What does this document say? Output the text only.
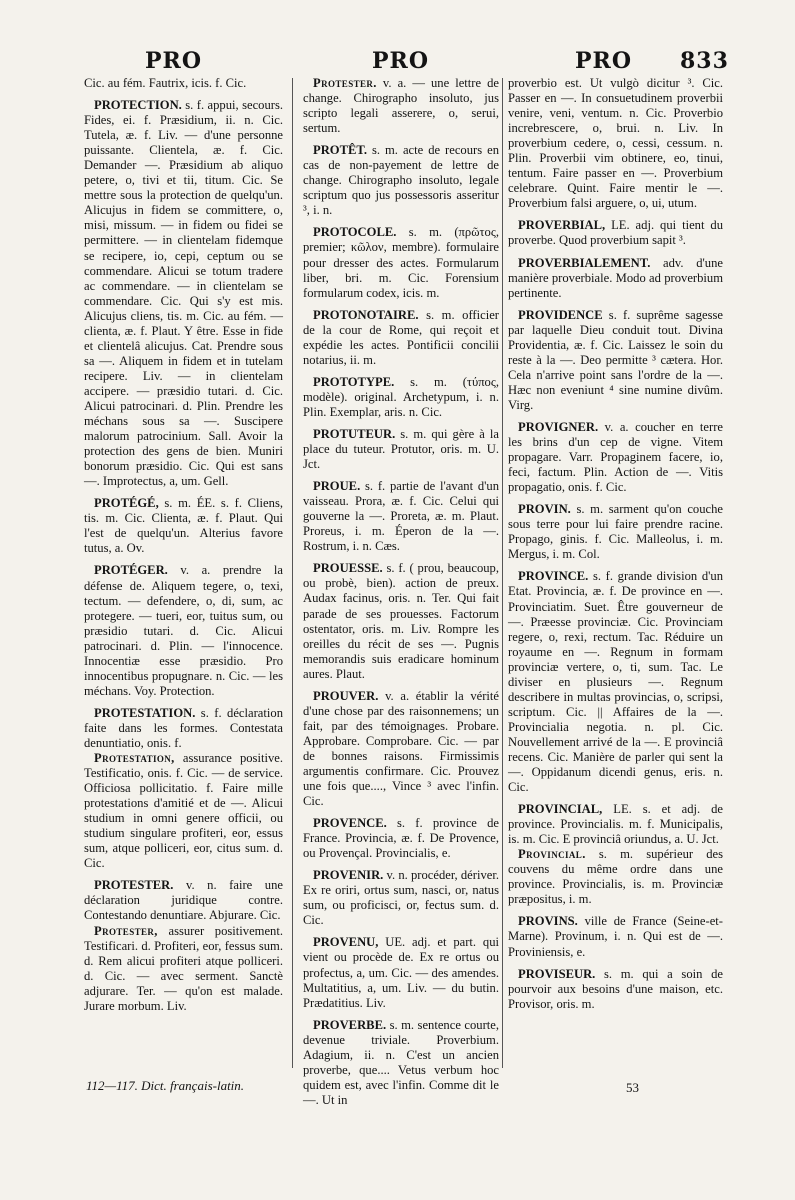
PRO	PRO	PRO 833

Cic. au fém. Fautrix, icis. f. Cic.

PROTECTION. s. f. appui, secours. Fides, ei. f. Præsidium, ii. n. Cic. Tutela, æ. f. Liv. — d'une personne puissante. Clientela, æ. f. Cic. Demander —. Præsidium ab aliquo petere, o, tivi et tii, titum. Cic. Se mettre sous la protection de quelqu'un. Alicujus in fidem se committere, o, misi, missum. — in fidem ou fidei se permittere. — in clientelam fidemque se recipere, io, cepi, ceptum ou se commendare. Alicui se totum tradere ac commendare. — in clientelam se commendare. Cic. Qui s'y est mis. Alicujus cliens, tis. m. Cic. au fém. — clienta, æ. f. Plaut. Y être. Esse in fide et clientelâ alicujus. Cat. Prendre sous sa —. Aliquem in fidem et in tutelam recipere. Liv. — in clientelam accipere. — præsidio tutari. d. Cic. Alicui patrocinari. d. Plin. Prendre les méchans sous sa —. Suscipere malorum patrocinium. Sall. Avoir la protection des gens de bien. Muniri bonorum præsidio. Cic. Qui est sans —. Improtectus, a, um. Gell.

PROTÉGÉ, s. m. ÉE. s. f. Cliens, tis. m. Cic. Clienta, æ. f. Plaut. Qui l'est de quelqu'un. Alterius favore tutus, a. Ov.

PROTÉGER. v. a. prendre la défense de. Aliquem tegere, o, texi, tectum. — defendere, o, di, sum, ac protegere. — tueri, eor, tuitus sum, ou præsidio tutari. d. Cic. Alicui patrocinari. d. Plin. — l'innocence. Innocentiæ esse præsidio. Pro innocentibus propugnare. n. Cic. — les méchans. Voy. Protection.

PROTESTATION. s. f. déclaration faite dans les formes. Contestata denuntiatio, onis. f.

Protestation, assurance positive. Testificatio, onis. f. Cic. — de service. Officiosa pollicitatio. f. Faire mille protestations d'amitié et de —. Alicui studium in omni genere officii, ou studium singulare profiteri, eor, essus sum, atque polliceri, eor, citus sum. d. Cic.

PROTESTER. v. n. faire une déclaration juridique contre. Contestando denuntiare. Abjurare. Cic.

Protester, assurer positivement. Testificari. d. Profiteri, eor, fessus sum. d. Rem alicui profiteri atque polliceri. d. Cic. — avec serment. Sanctè adjurare. Ter. — qu'on est malade. Jurare morbum. Liv.

Protester. v. a. — une lettre de change. Chirographo insoluto, jus scripto legali asserere, o, serui, sertum.

PROTÊT. s. m. acte de recours en cas de non-payement de lettre de change. Chirographo insoluto, legale scriptum quo jus possessoris asseritur ³, i. n.

PROTOCOLE. s. m. (πρῶτος, premier; κῶλον, membre). formulaire pour dresser des actes. Formularum liber, bri. m. Cic. Forensium formularum codex, icis. m.

PROTONOTAIRE. s. m. officier de la cour de Rome, qui reçoit et expédie les actes. Pontificii concilii notarius, ii. m.

PROTOTYPE. s. m. (τύπος, modèle). original. Archetypum, i. n. Plin. Exemplar, aris. n. Cic.

PROTUTEUR. s. m. qui gère à la place du tuteur. Protutor, oris. m. U. Jct.

PROUE. s. f. partie de l'avant d'un vaisseau. Prora, æ. f. Cic. Celui qui gouverne la —. Proreta, æ. m. Plaut. Proreus, i. m. Éperon de la —. Rostrum, i. n. Cæs.

PROUESSE. s. f. ( prou, beaucoup, ou probè, bien). action de preux. Audax facinus, oris. n. Ter. Qui fait parade de ses prouesses. Factorum ostentator, oris. m. Liv. Rompre les oreilles du récit de ses —. Pugnis memorandis suis eradicare hominum aures. Plaut.

PROUVER. v. a. établir la vérité d'une chose par des raisonnemens; un fait, par des témoignages. Probare. Approbare. Comprobare. Cic. — par de bonnes raisons. Firmissimis argumentis confirmare. Cic. Prouvez une fois que...., Vince ³ avec l'infin. Cic.

PROVENCE. s. f. province de France. Provincia, æ. f. De Provence, ou Provençal. Provincialis, e.

PROVENIR. v. n. procéder, dériver. Ex re oriri, ortus sum, nasci, or, natus sum, ou proficisci, or, fectus sum. d. Cic.

PROVENU, UE. adj. et part. qui vient ou procède de. Ex re ortus ou profectus, a, um. Cic. — des amendes. Multatitius, a, um. Liv. — du butin. Prædatitius. Liv.

PROVERBE. s. m. sentence courte, devenue triviale. Proverbium. Adagium, ii. n. C'est un ancien proverbe, que.... Vetus verbum hoc quidem est, avec l'infin. Comme dit le —. Ut in

proverbio est. Ut vulgò dicitur ³. Cic. Passer en —. In consuetudinem proverbii venire, veni, ventum. n. Cic. Proverbio increbrescere, o, brui. n. Liv. In proverbium cedere, o, cessi, cessum. n. Plin. Proverbii vim obtinere, eo, tinui, tentum. Faire passer en —. Proverbium celebrare. Quint. Faire mentir le —. Proverbium falsi arguere, o, ui, utum.

PROVERBIAL, LE. adj. qui tient du proverbe. Quod proverbium sapit ³.

PROVERBIALEMENT. adv. d'une manière proverbiale. Modo ad proverbium pertinente.

PROVIDENCE s. f. suprême sagesse par laquelle Dieu conduit tout. Divina Providentia, æ. f. Cic. Laissez le soin du reste à la —. Deo permitte ³ cætera. Hor. Cela n'arrive point sans l'ordre de la —. Hæc non eveniunt ⁴ sine numine divûm. Virg.

PROVIGNER. v. a. coucher en terre les brins d'un cep de vigne. Vitem propagare. Varr. Propaginem facere, io, feci, factum. Plin. Action de —. Vitis propagatio, onis. f. Cic.

PROVIN. s. m. sarment qu'on couche sous terre pour lui faire prendre racine. Propago, ginis. f. Cic. Malleolus, i. m. Mergus, i. m. Col.

PROVINCE. s. f. grande division d'un Etat. Provincia, æ. f. De province en —. Provinciatim. Suet. Être gouverneur de —. Præesse provinciæ. Cic. Provinciam regere, o, rexi, rectum. Tac. Réduire un royaume en —. Regnum in formam provinciæ vertere, o, ti, sum. Tac. Le diviser en plusieurs —. Regnum describere in multas provincias, o, scripsi, scriptum. Cic. || Affaires de la —. Provincialia negotia. n. pl. Cic. Nouvellement arrivé de la —. E provinciâ recens. Cic. Manière de parler qui sent la —. Oppidanum dicendi genus, eris. n. Cic.

PROVINCIAL, LE. s. et adj. de province. Provincialis. m. f. Municipalis, is. m. Cic. E provinciâ oriundus, a. U. Jct.

Provincial. s. m. supérieur des couvens du même ordre dans une province. Provincialis, is. m. Provinciæ præpositus, i. m.

PROVINS. ville de France (Seine-et-Marne). Provinum, i. n. Qui est de —. Proviniensis, e.

PROVISEUR. s. m. qui a soin de pourvoir aux besoins d'une maison, etc. Provisor, oris. m.

112—117. Dict. français-latin.	53
